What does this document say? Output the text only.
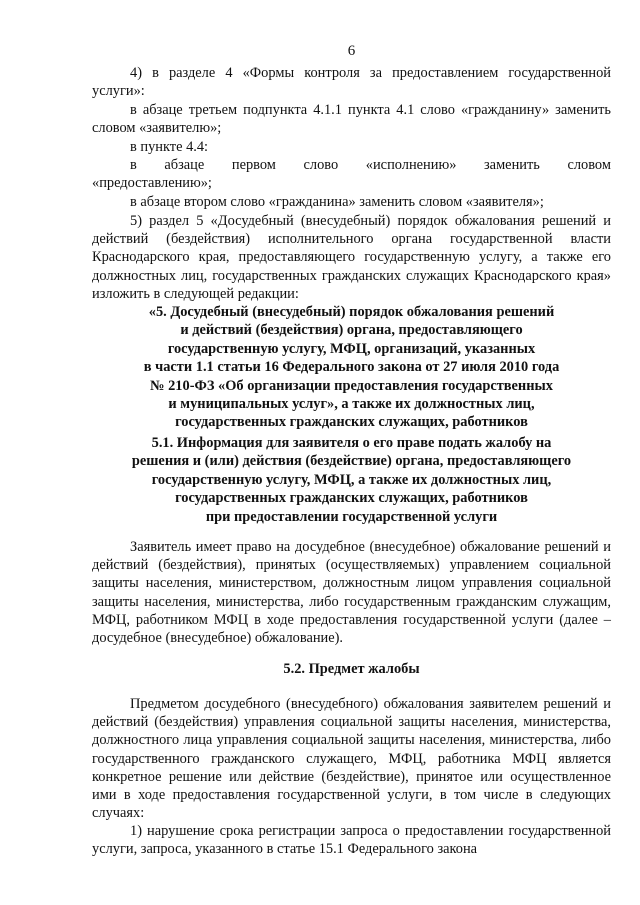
6
4) в разделе 4 «Формы контроля за предоставлением государственной услуги»:
в абзаце третьем подпункта 4.1.1 пункта 4.1 слово «гражданину» заменить словом «заявителю»;
в пункте 4.4:
в абзаце первом слово «исполнению» заменить словом
«предоставлению»;
в абзаце втором слово «гражданина» заменить словом «заявителя»;
5) раздел 5 «Досудебный (внесудебный) порядок обжалования решений и действий (бездействия) исполнительного органа государственной власти Краснодарского края, предоставляющего государственную услугу, а также его должностных лиц, государственных гражданских служащих Краснодарского края» изложить в следующей редакции:
«5. Досудебный (внесудебный) порядок обжалования решений
и действий (бездействия) органа, предоставляющего
государственную услугу, МФЦ, организаций, указанных
в части 1.1 статьи 16 Федерального закона от 27 июля 2010 года
№ 210-ФЗ «Об организации предоставления государственных
и муниципальных услуг», а также их должностных лиц,
государственных гражданских служащих, работников
5.1. Информация для заявителя о его праве подать жалобу на
решения и (или) действия (бездействие) органа, предоставляющего
государственную услугу, МФЦ, а также их должностных лиц,
государственных гражданских служащих, работников
при предоставлении государственной услуги
Заявитель имеет право на досудебное (внесудебное) обжалование решений и действий (бездействия), принятых (осуществляемых) управлением социальной защиты населения, министерством, должностным лицом управления социальной защиты населения, министерства, либо государственным гражданским служащим, МФЦ, работником МФЦ в ходе предоставления государственной услуги (далее – досудебное (внесудебное) обжалование).
5.2. Предмет жалобы
Предметом досудебного (внесудебного) обжалования заявителем решений и действий (бездействия) управления социальной защиты населения, министерства, должностного лица управления социальной защиты населения, министерства, либо государственного гражданского служащего, МФЦ, работника МФЦ является конкретное решение или действие (бездействие), принятое или осуществленное ими в ходе предоставления государственной услуги, в том числе в следующих случаях:
1) нарушение срока регистрации запроса о предоставлении государственной услуги, запроса, указанного в статье 15.1 Федерального закона
